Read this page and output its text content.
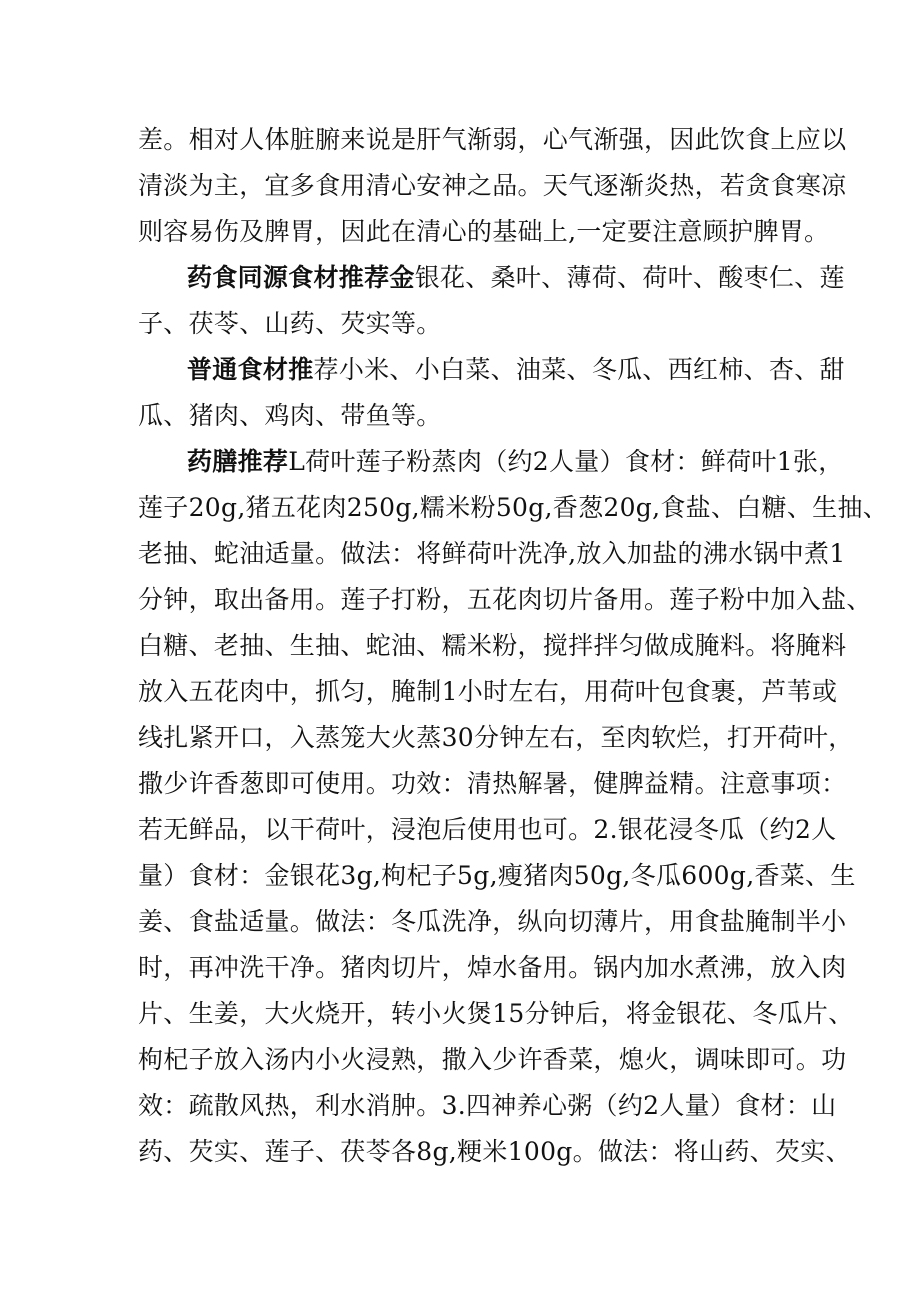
差。相对人体脏腑来说是肝气渐弱，心气渐强，因此饮食上应以
清淡为主，宜多食用清心安神之品。天气逐渐炎热，若贪食寒凉
则容易伤及脾胃，因此在清心的基础上,一定要注意顾护脾胃。
药食同源食材推荐金银花、桑叶、薄荷、荷叶、酸枣仁、莲
子、茯苓、山药、芡实等。
普通食材推荐小米、小白菜、油菜、冬瓜、西红柿、杏、甜
瓜、猪肉、鸡肉、带鱼等。
药膳推荐L荷叶莲子粉蒸肉（约2人量）食材：鲜荷叶1张，
莲子20g,猪五花肉250g,糯米粉50g,香葱20g,食盐、白糖、生抽、
老抽、蛇油适量。做法：将鲜荷叶洗净,放入加盐的沸水锅中煮1
分钟，取出备用。莲子打粉，五花肉切片备用。莲子粉中加入盐、
白糖、老抽、生抽、蛇油、糯米粉，搅拌拌匀做成腌料。将腌料
放入五花肉中，抓匀，腌制1小时左右，用荷叶包食裹，芦苇或
线扎紧开口，入蒸笼大火蒸30分钟左右，至肉软烂，打开荷叶，
撒少许香葱即可使用。功效：清热解暑，健脾益精。注意事项：
若无鲜品，以干荷叶，浸泡后使用也可。2.银花浸冬瓜（约2人
量）食材：金银花3g,枸杞子5g,瘦猪肉50g,冬瓜600g,香菜、生
姜、食盐适量。做法：冬瓜洗净，纵向切薄片，用食盐腌制半小
时，再冲洗干净。猪肉切片，焯水备用。锅内加水煮沸，放入肉
片、生姜，大火烧开，转小火煲15分钟后，将金银花、冬瓜片、
枸杞子放入汤内小火浸熟，撒入少许香菜，熄火，调味即可。功
效：疏散风热，利水消肿。3.四神养心粥（约2人量）食材：山
药、芡实、莲子、茯苓各8g,粳米100g。做法：将山药、芡实、
